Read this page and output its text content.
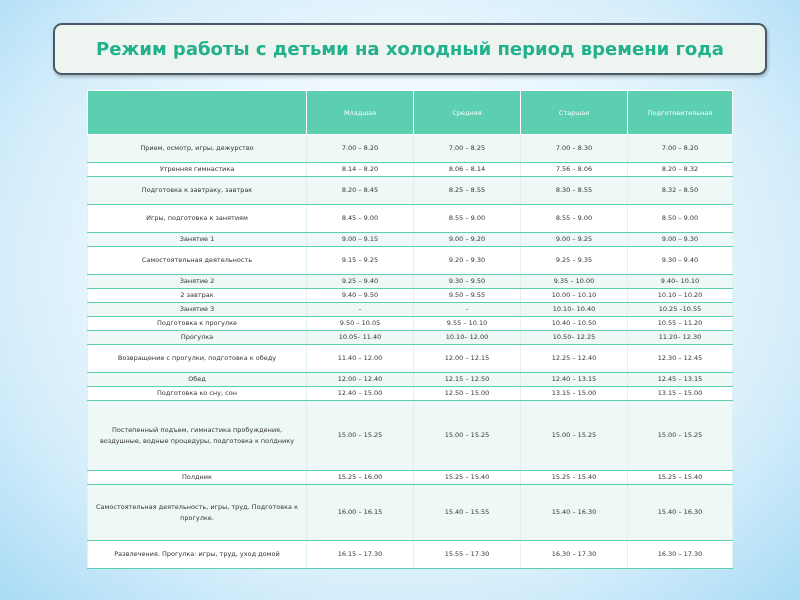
Режим работы с детьми на холодный период времени года
	Младшая	Средняя	Старшая	Подготовительная
Прием, осмотр, игры, дежурство	7.00 – 8.20	7.00 – 8.25	7.00 – 8.30	7.00 – 8.20
Утренняя гимнастика	8.14 – 8.20	8.06 – 8.14	7.56 – 8.06	8.20 – 8.32
Подготовка к завтраку, завтрак	8.20 – 8.45	8.25 – 8.55	8.30 – 8.55	8.32 – 8.50
Игры, подготовка к занятиям	8.45 – 9.00	8.55 – 9.00	8.55 – 9.00	8.50 – 9.00
Занятие 1	9.00 – 9.15	9.00 – 9.20	9.00 – 9.25	9.00 – 9.30
Самостоятельная деятельность	9.15 – 9.25	9.20 – 9.30	9.25 – 9.35	9.30 – 9.40
Занятие 2	9.25 – 9.40	9.30 – 9.50	9.35 – 10.00	9.40– 10.10
2 завтрак	9.40 – 9.50	9.50 – 9.55	10.00 – 10.10	10.10 – 10.20
Занятие 3	-	-	10.10– 10.40	10.25 –10.55
Подготовка к прогулке	9.50 – 10.05	9.55 – 10.10	10.40 – 10.50	10.55 – 11.20
Прогулка	10.05– 11.40	10.10– 12.00	10.50– 12.25	11.20– 12.30
Возвращение с прогулки, подготовка к обеду	11.40 – 12.00	12.00 – 12.15	12.25 – 12.40	12.30 – 12.45
Обед	12.00 – 12.40	12.15 – 12.50	12.40 – 13.15	12.45 – 13.15
Подготовка ко сну, сон	12.40 – 15.00	12.50 – 15.00	13.15 – 15.00	13.15 – 15.00
Постепенный подъем, гимнастика пробуждения, воздушные, водные процедуры, подготовка к полднику	15.00 – 15.25	15.00 – 15.25	15.00 – 15.25	15.00 – 15.25
Полдник	15.25 – 16.00	15.25 – 15.40	15.25 – 15.40	15.25 – 15.40
Самостоятельная деятельность, игры, труд. Подготовка к прогулке.	16.00 – 16.15	15.40 – 15.55	15.40 – 16.30	15.40 – 16.30
Развлечения. Прогулка: игры, труд, уход домой	16.15 – 17.30	15.55 – 17.30	16.30 – 17.30	16.30 – 17.30
